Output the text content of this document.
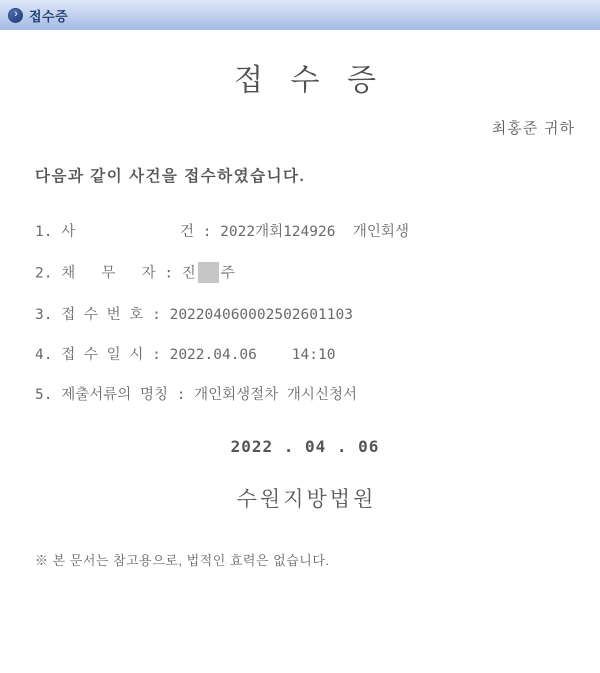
› 접수증
접 수 증
최홍준 귀하
다음과 같이 사건을 접수하였습니다.
1. 사            건 : 2022개회124926  개인회생
2. 채   무   자 : 진 주
3. 접 수 번 호 : 202204060002502601103
4. 접 수 일 시 : 2022.04.06    14:10
5. 제출서류의 명칭 : 개인회생절차 개시신청서
2022 . 04 . 06
수원지방법원
※ 본 문서는 참고용으로, 법적인 효력은 없습니다.
